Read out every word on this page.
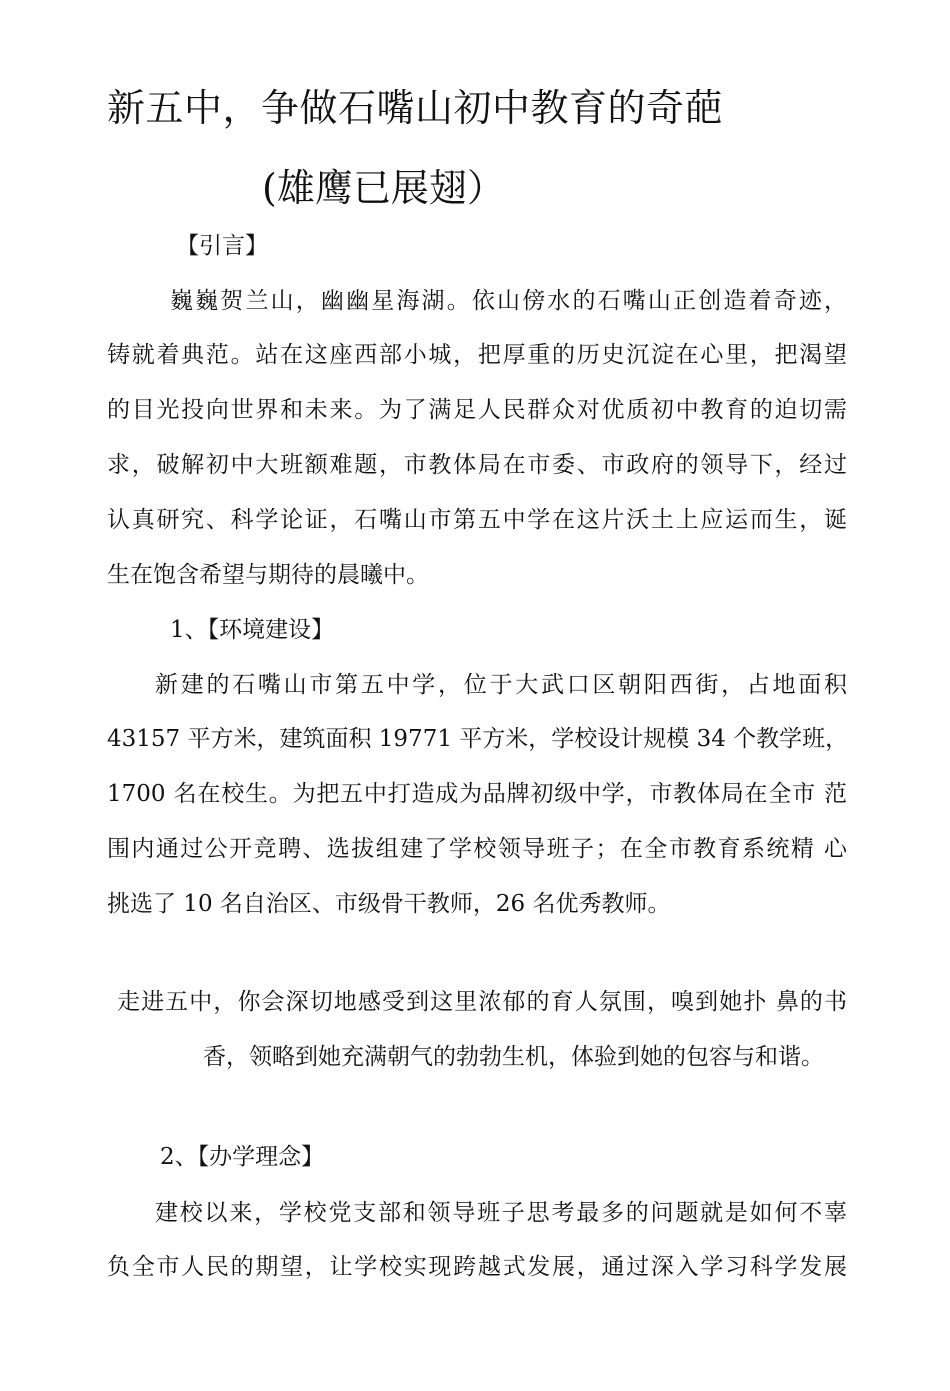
新五中，争做石嘴山初中教育的奇葩
(雄鹰已展翅）
【引言】
巍巍贺兰山，幽幽星海湖。依山傍水的石嘴山正创造着奇迹，
铸就着典范。站在这座西部小城，把厚重的历史沉淀在心里，把渴望
的目光投向世界和未来。为了满足人民群众对优质初中教育的迫切需
求，破解初中大班额难题，市教体局在市委、市政府的领导下，经过
认真研究、科学论证，石嘴山市第五中学在这片沃土上应运而生，诞
生在饱含希望与期待的晨曦中。
1、【环境建设】
新建的石嘴山市第五中学，位于大武口区朝阳西街，占地面积
43157 平方米，建筑面积 19771 平方米，学校设计规模 34 个教学班，
1700 名在校生。为把五中打造成为品牌初级中学，市教体局在全市 范
围内通过公开竞聘、选拔组建了学校领导班子；在全市教育系统精 心
挑选了 10 名自治区、市级骨干教师，26 名优秀教师。
走进五中，你会深切地感受到这里浓郁的育人氛围，嗅到她扑 鼻的书
香，领略到她充满朝气的勃勃生机，体验到她的包容与和谐。
2、【办学理念】
建校以来，学校党支部和领导班子思考最多的问题就是如何不辜
负全市人民的期望，让学校实现跨越式发展，通过深入学习科学发展
